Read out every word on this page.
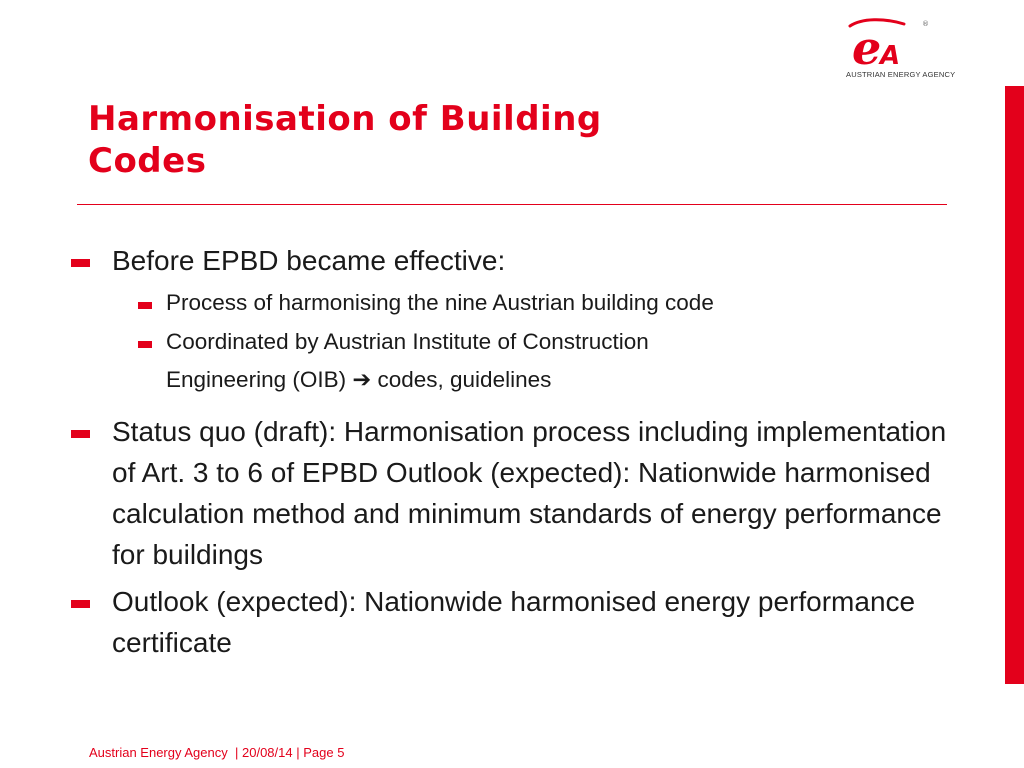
e
A
®
AUSTRIAN ENERGY AGENCY
Harmonisation of Building
Codes
Before EPBD became effective:
Process of harmonising the nine Austrian building code
Coordinated by Austrian Institute of Construction
Engineering (OIB) ➔ codes, guidelines
Status quo (draft): Harmonisation process including implementation of Art. 3 to 6 of EPBD Outlook (expected): Nationwide harmonised calculation method and minimum standards of energy performance for buildings
Outlook (expected): Nationwide harmonised energy performance certificate
Austrian Energy Agency | 20/08/14 | Page 5
